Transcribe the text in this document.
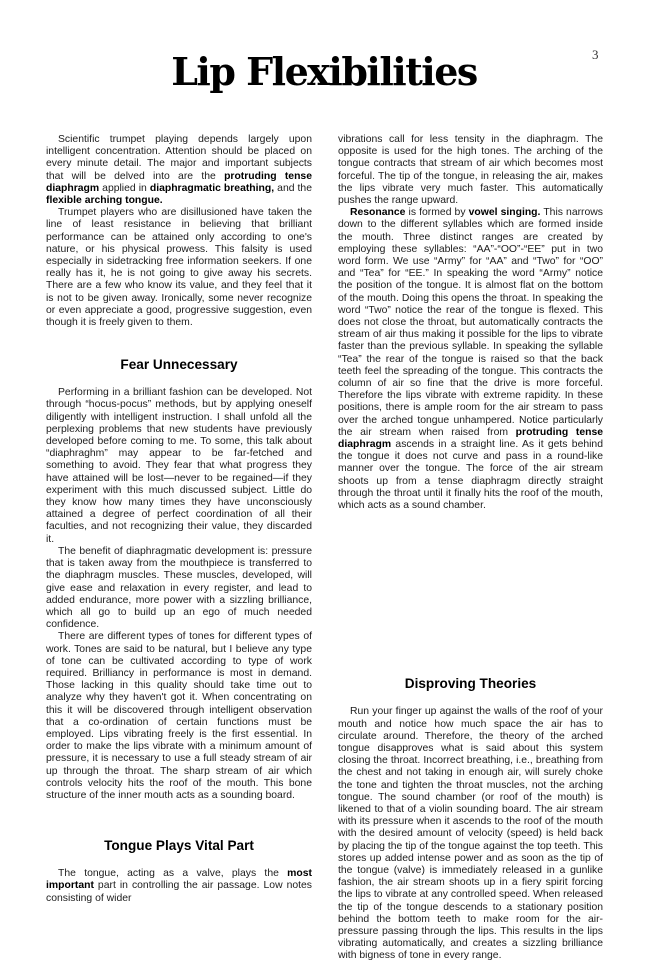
3
Lip Flexibilities

Scientific trumpet playing depends largely upon intelligent concentration. Attention should be placed on every minute detail. The major and important subjects that will be delved into are the protruding tense diaphragm applied in diaphragmatic breathing, and the flexible arching tongue.

Trumpet players who are disillusioned have taken the line of least resistance in believing that brilliant performance can be attained only according to one's nature, or his physical prowess. This falsity is used especially in sidetracking free information seekers. If one really has it, he is not going to give away his secrets. There are a few who know its value, and they feel that it is not to be given away. Ironically, some never recognize or even appreciate a good, progressive suggestion, even though it is freely given to them.

Fear Unnecessary

Performing in a brilliant fashion can be developed. Not through “hocus-pocus” methods, but by applying oneself diligently with intelligent instruction. I shall unfold all the perplexing problems that new students have previously developed before coming to me. To some, this talk about “diaphraghm” may appear to be far-fetched and something to avoid. They fear that what progress they have attained will be lost—never to be regained—if they experiment with this much discussed subject. Little do they know how many times they have unconsciously attained a degree of perfect coordination of all their faculties, and not recognizing their value, they discarded it.

The benefit of diaphragmatic development is: pressure that is taken away from the mouthpiece is transferred to the diaphragm muscles. These muscles, developed, will give ease and relaxation in every register, and lead to added endurance, more power with a sizzling brilliance, which all go to build up an ego of much needed confidence.

There are different types of tones for different types of work. Tones are said to be natural, but I believe any type of tone can be cultivated according to type of work required. Brilliancy in performance is most in demand. Those lacking in this quality should take time out to analyze why they haven't got it. When concentrating on this it will be discovered through intelligent observation that a co-ordination of certain functions must be employed. Lips vibrating freely is the first essential. In order to make the lips vibrate with a minimum amount of pressure, it is necessary to use a full steady stream of air up through the throat. The sharp stream of air which controls velocity hits the roof of the mouth. This bone structure of the inner mouth acts as a sounding board.

Tongue Plays Vital Part

The tongue, acting as a valve, plays the most important part in controlling the air passage. Low notes consisting of wider

vibrations call for less tensity in the diaphragm. The opposite is used for the high tones. The arching of the tongue contracts that stream of air which becomes most forceful. The tip of the tongue, in releasing the air, makes the lips vibrate very much faster. This automatically pushes the range upward.

Resonance is formed by vowel singing. This narrows down to the different syllables which are formed inside the mouth. Three distinct ranges are created by employing these syllables: “AA”-“OO”-“EE” put in two word form. We use “Army” for “AA” and “Two” for “OO” and “Tea” for “EE.” In speaking the word “Army” notice the position of the tongue. It is almost flat on the bottom of the mouth. Doing this opens the throat. In speaking the word “Two” notice the rear of the tongue is flexed. This does not close the throat, but automatically contracts the stream of air thus making it possible for the lips to vibrate faster than the previous syllable. In speaking the syllable “Tea” the rear of the tongue is raised so that the back teeth feel the spreading of the tongue. This contracts the column of air so fine that the drive is more forceful. Therefore the lips vibrate with extreme rapidity. In these positions, there is ample room for the air stream to pass over the arched tongue unhampered. Notice particularly the air stream when raised from protruding tense diaphragm ascends in a straight line. As it gets behind the tongue it does not curve and pass in a round-like manner over the tongue. The force of the air stream shoots up from a tense diaphragm directly straight through the throat until it finally hits the roof of the mouth, which acts as a sound chamber.

Disproving Theories

Run your finger up against the walls of the roof of your mouth and notice how much space the air has to circulate around. Therefore, the theory of the arched tongue disapproves what is said about this system closing the throat. Incorrect breathing, i.e., breathing from the chest and not taking in enough air, will surely choke the tone and tighten the throat muscles, not the arching tongue. The sound chamber (or roof of the mouth) is likened to that of a violin sounding board. The air stream with its pressure when it ascends to the roof of the mouth with the desired amount of velocity (speed) is held back by placing the tip of the tongue against the top teeth. This stores up added intense power and as soon as the tip of the tongue (valve) is immediately released in a gunlike fashion, the air stream shoots up in a fiery spirit forcing the lips to vibrate at any controlled speed. When released the tip of the tongue descends to a stationary position behind the bottom teeth to make room for the air-pressure passing through the lips. This results in the lips vibrating automatically, and creates a sizzling brilliance with bigness of tone in every range.
